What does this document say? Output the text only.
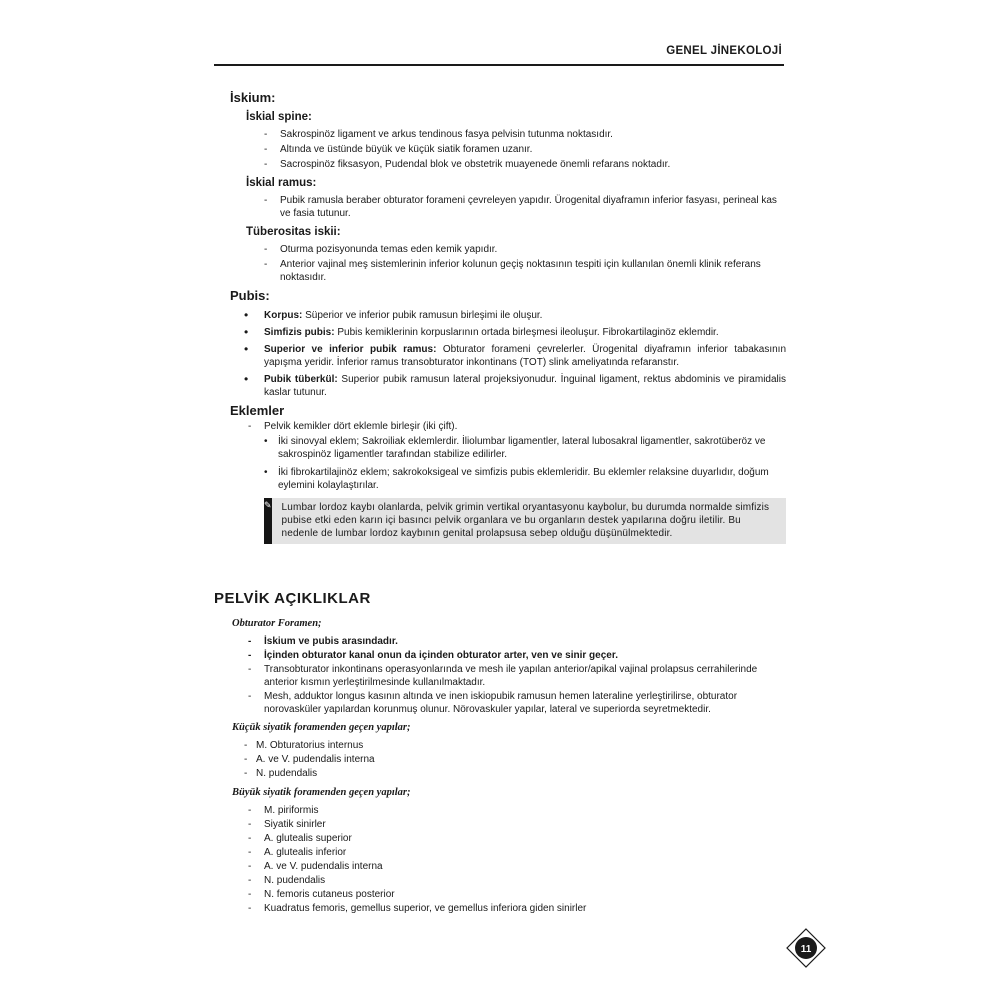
GENEL JİNEKOLOJİ
İskium:
İskial spine:
- Sakrospinöz ligament ve arkus tendinous fasya pelvisin tutunma noktasıdır.
- Altında ve üstünde büyük ve küçük siatik foramen uzanır.
- Sacrospinöz fiksasyon, Pudendal blok ve obstetrik muayenede önemli refarans noktadır.
İskial ramus:
- Pubik ramusla beraber obturator foramenі çevreleyen yapıdır. Ürogenital diyaframın inferior fasyası, perineal kas ve fasia tutunur.
Tüberositas iskii:
- Oturma pozisyonunda temas eden kemik yapıdır.
- Anterior vajinal meş sistemlerinin inferior kolunun geçiş noktasının tespiti için kullanılan önemli klinik referans noktasıdır.
Pubis:
• Korpus: Süperior ve inferior pubik ramusun birleşimi ile oluşur.
• Simfizis pubis: Pubis kemiklerinin korpuslarının ortada birleşmesi ileoluşur. Fibrokartilaginöz eklemdir.
• Superior ve inferior pubik ramus: Obturator foramenі çevrelerler. Ürogenital diyaframın inferior tabakasının yapışma yeridir. İnferior ramus transobturator inkontinans (TOT) slink ameliyatında refaranstır.
• Pubik tüberkül: Superior pubik ramusun lateral projeksiyonudur. İnguinal ligament, rektus abdominis ve piramidalis kaslar tutunur.
Eklemler
- Pelvik kemikler dört eklemle birleşir (iki çift).
• İki sinovyal eklem; Sakroiliak eklemlerdir. İliolumbar ligamentler, lateral lubosakral ligamentler, sakrotüberöz ve sakrospinöz ligamentler tarafından stabilize edilirler.
• İki fibrokartilajinöz eklem; sakrokoksigeal ve simfizis pubis eklemleridir. Bu eklemler relaksine duyarlıdır, doğum eylemini kolaylaştırılar.
✎	Lumbar lordoz kaybı olanlarda, pelvik grimin vertikal oryantasyonu kaybolur, bu durumda normalde simfizis pubise etki eden karın içi basıncı pelvik organlara ve bu organların destek yapılarına doğru iletilir. Bu nedenle de lumbar lordoz kaybının genital prolapsusa sebep olduğu düşünülmektedir.
PELVİK AÇIKLIKLAR
Obturator Foramen;
- İskium ve pubis arasındadır.
- İçinden obturator kanal onun da içinden obturator arter, ven ve sinir geçer.
- Transobturator inkontinans operasyonlarında ve mesh ile yapılan anterior/apikal vajinal prolapsus cerrahilerinde anterior kısmın yerleştirilmesinde kullanılmaktadır.
- Mesh, adduktor longus kasının altında ve inen iskiopubik ramusun hemen lateraline yerleştirilirse, obturator norovasküler yapılardan korunmuş olunur. Nörovaskuler yapılar, lateral ve superiorda seyretmektedir.
Küçük siyatik foramenden geçen yapılar;
- M. Obturatorius internus
- A. ve V. pudendalis interna
- N. pudendalis
Büyük siyatik foramenden geçen yapılar;
- M. piriformis
- Siyatik sinirler
- A. glutealis superior
- A. glutealis inferior
- A. ve V. pudendalis interna
- N. pudendalis
- N. femoris cutaneus posterior
- Kuadratus femoris, gemellus superior, ve gemellus inferiora giden sinirler
11
